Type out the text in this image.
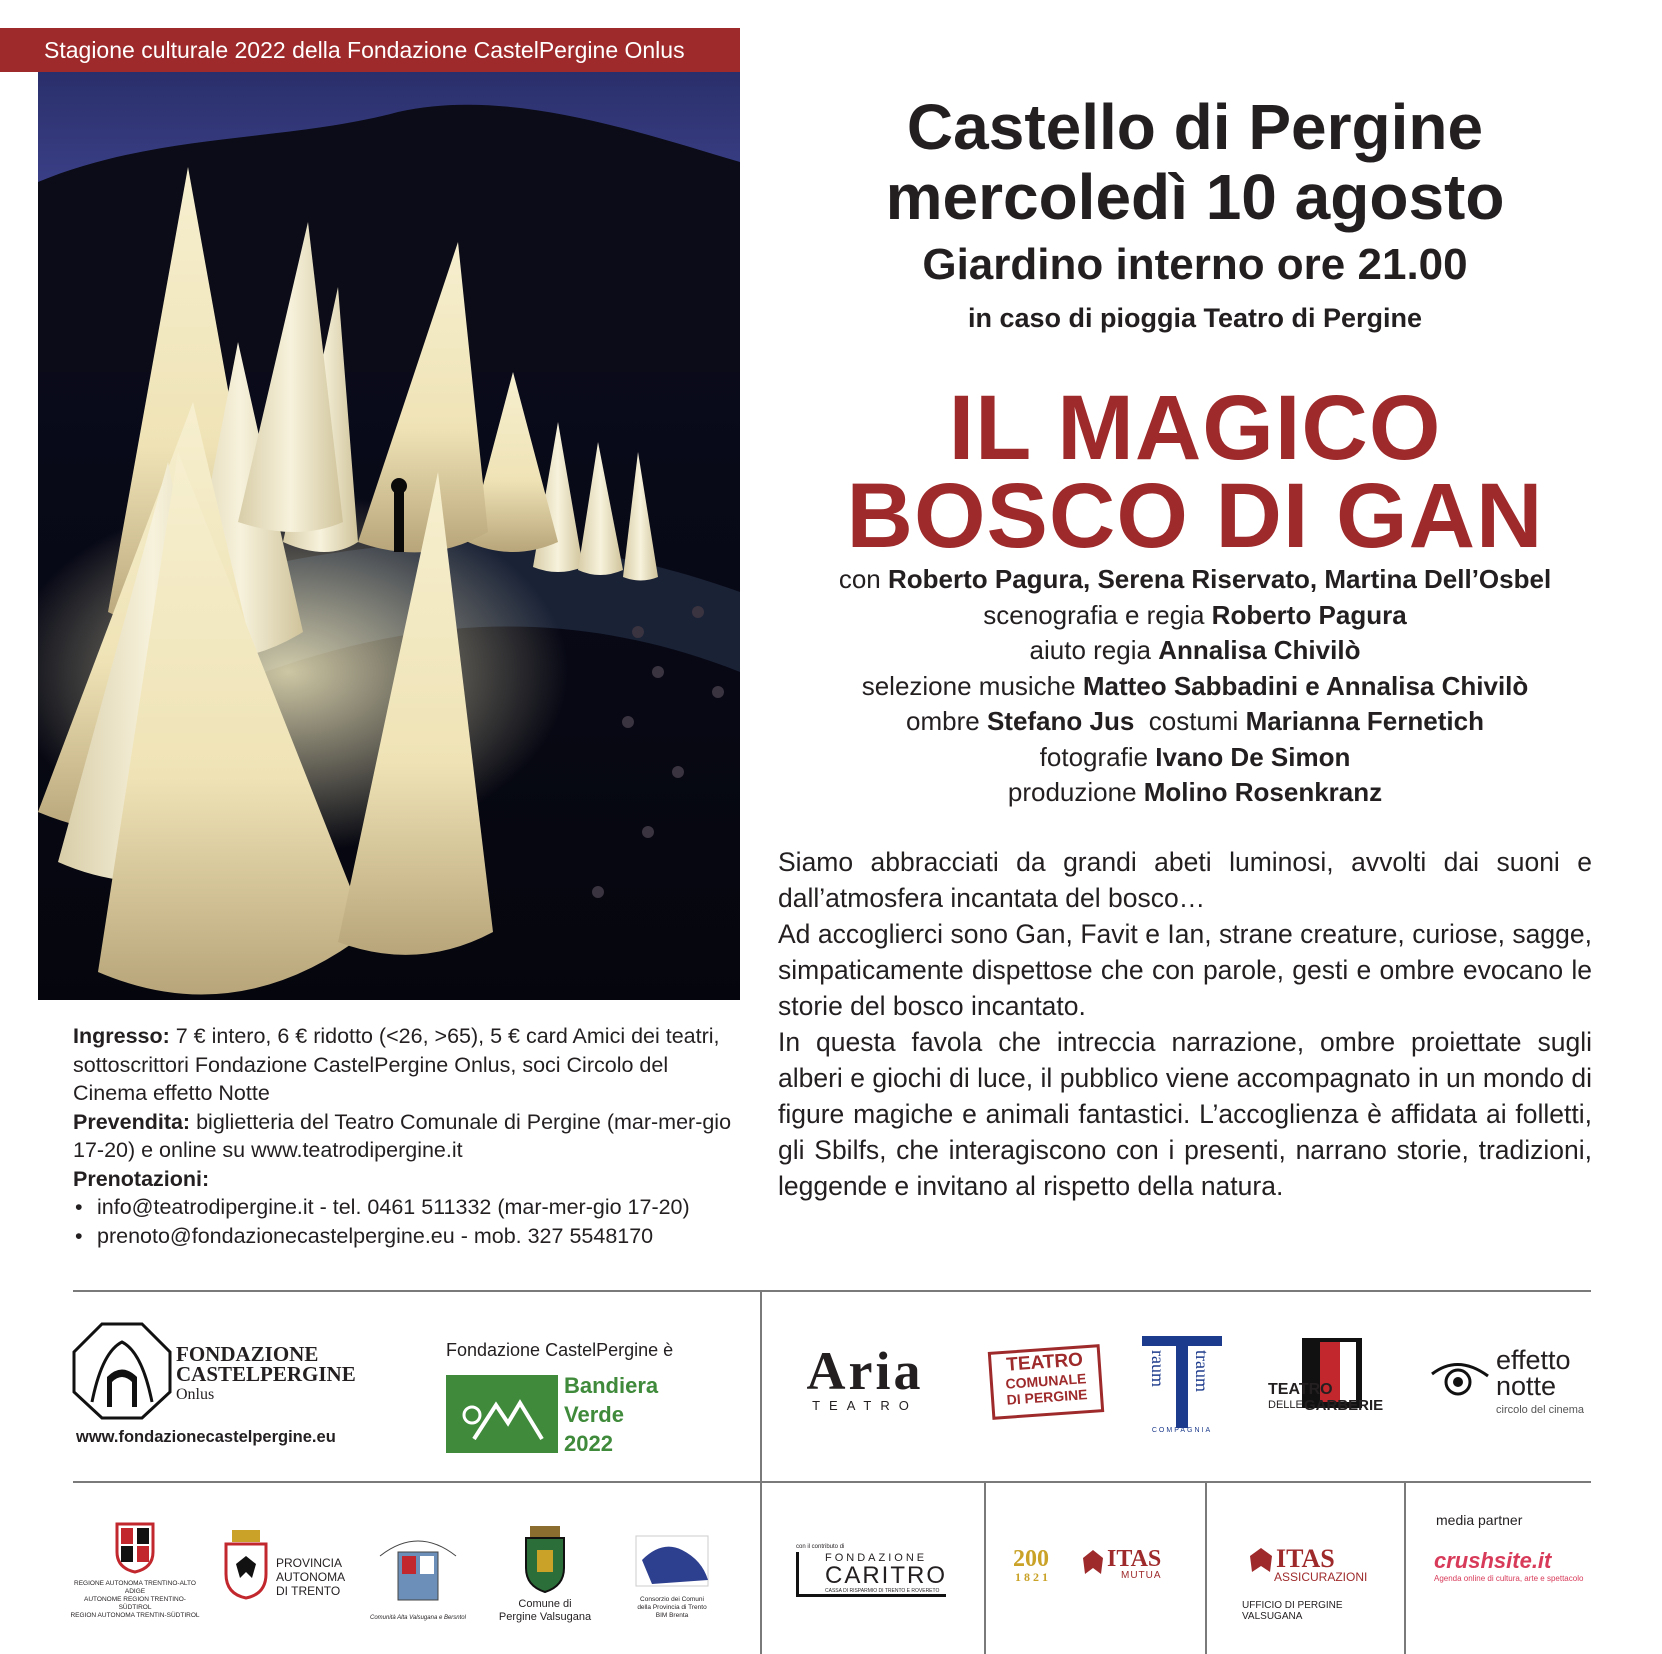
Stagione culturale 2022 della Fondazione CastelPergine Onlus
Castello di Pergine
mercoledì 10 agosto
Giardino interno ore 21.00
in caso di pioggia Teatro di Pergine
IL MAGICO
BOSCO DI GAN
con Roberto Pagura, Serena Riservato, Martina Dell’Osbel
scenografia e regia Roberto Pagura
aiuto regia Annalisa Chivilò
selezione musiche Matteo Sabbadini e Annalisa Chivilò
ombre Stefano Jus  costumi Marianna Fernetich
fotografie Ivano De Simon
produzione Molino Rosenkranz

Siamo abbracciati da grandi abeti luminosi, avvolti dai suoni e dall’atmosfera incantata del bosco…

Ad accoglierci sono Gan, Favit e Ian, strane creature, curiose, sagge, simpaticamente dispettose che con parole, gesti e ombre evocano le storie del bosco incantato.

In questa favola che intreccia narrazione, ombre proiettate sugli alberi e giochi di luce, il pubblico viene accompagnato in un mondo di figure magiche e animali fantastici. L’accoglienza è affidata ai folletti, gli Sbilfs, che interagiscono con i presenti, narrano storie, tradizioni, leggende e invitano al rispetto della natura.

Ingresso: 7 € intero, 6 € ridotto (<26, >65), 5 € card Amici dei teatri, sottoscrittori Fondazione CastelPergine Onlus, soci Circolo del Cinema effetto Notte

Prevendita: biglietteria del Teatro Comunale di Pergine (mar-mer-gio 17-20) e online su www.teatrodipergine.it

Prenotazioni:

• info@teatrodipergine.it - tel. 0461 511332 (mar-mer-gio 17-20)
• prenoto@fondazionecastelpergine.eu - mob. 327 5548170
FONDAZIONE
CASTELPERGINE
Onlus
www.fondazionecastelpergine.eu
Fondazione CastelPergine è
Bandiera
Verde
2022
Aria
TEATRO
TEATRO
COMUNALE
DI PERGINE
raum traum
COMPAGNIA
TEATRO
DELLE GARBERIE
effetto
notte
circolo del cinema
REGIONE AUTONOMA TRENTINO-ALTO ADIGE
AUTONOME REGION TRENTINO-SÜDTIROL
REGION AUTONOMA TRENTIN-SÜDTIROL
PROVINCIA
AUTONOMA
DI TRENTO
Comunità Alta Valsugana e Bersntol
Comune di
Pergine Valsugana
Consorzio dei Comuni
della Provincia di Trento
BIM Brenta
con il contributo di
FONDAZIONE
CARITRO
CASSA DI RISPARMIO DI TRENTO E ROVERETO
200
1821
ITAS
MUTUA
ITAS
ASSICURAZIONI
UFFICIO DI PERGINE VALSUGANA
media partner
crushsite.it
Agenda online di cultura, arte e spettacolo
